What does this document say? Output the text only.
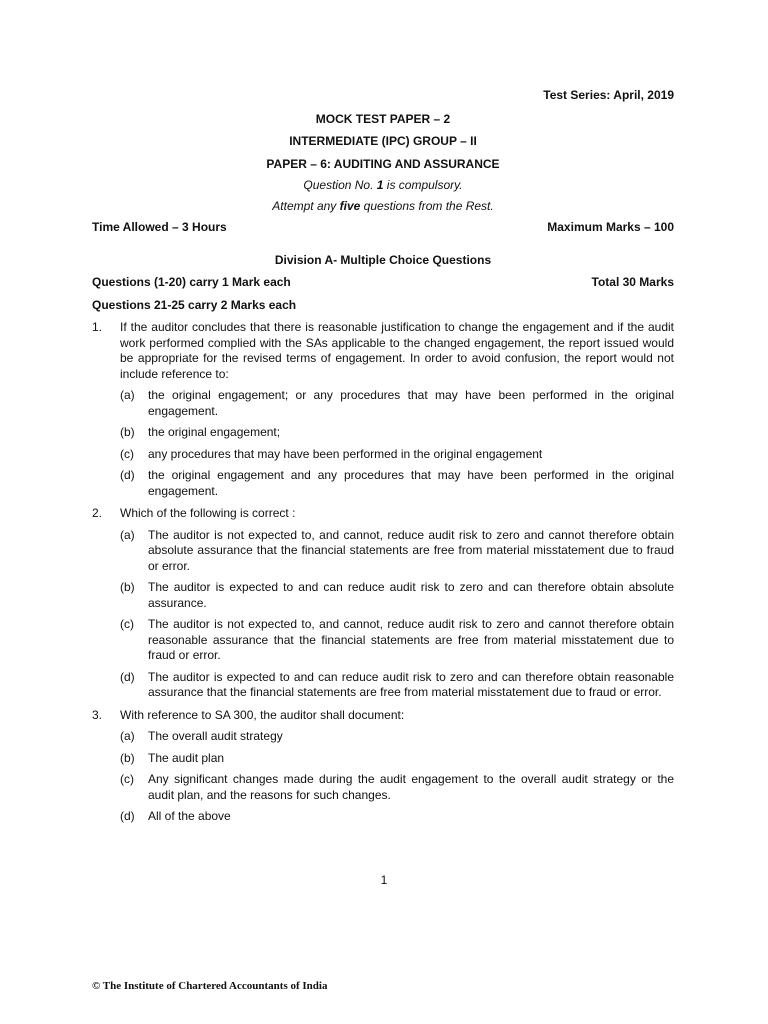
Test Series: April, 2019
MOCK TEST PAPER – 2
INTERMEDIATE (IPC) GROUP – II
PAPER – 6: AUDITING AND ASSURANCE
Question No. 1 is compulsory.
Attempt any five questions from the Rest.
Time Allowed – 3 Hours	Maximum Marks – 100
Division A- Multiple Choice Questions
Questions (1-20) carry 1 Mark each	Total 30 Marks
Questions 21-25 carry 2 Marks each
1.	If the auditor concludes that there is reasonable justification to change the engagement and if the audit work performed complied with the SAs applicable to the changed engagement, the report issued would be appropriate for the revised terms of engagement. In order to avoid confusion, the report would not include reference to:
(a)	the original engagement; or any procedures that may have been performed in the original engagement.
(b)	the original engagement;
(c)	any procedures that may have been performed in the original engagement
(d)	the original engagement and any procedures that may have been performed in the original engagement.
2.	Which of the following is correct :
(a)	The auditor is not expected to, and cannot, reduce audit risk to zero and cannot therefore obtain absolute assurance that the financial statements are free from material misstatement due to fraud or error.
(b)	The auditor is expected to and can reduce audit risk to zero and can therefore obtain absolute assurance.
(c)	The auditor is not expected to, and cannot, reduce audit risk to zero and cannot therefore obtain reasonable assurance that the financial statements are free from material misstatement due to fraud or error.
(d)	The auditor is expected to and can reduce audit risk to zero and can therefore obtain reasonable assurance that the financial statements are free from material misstatement due to fraud or error.
3.	With reference to SA 300, the auditor shall document:
(a)	The overall audit strategy
(b)	The audit plan
(c)	Any significant changes made during the audit engagement to the overall audit strategy or the audit plan, and the reasons for such changes.
(d)	All of the above
1
© The Institute of Chartered Accountants of India
